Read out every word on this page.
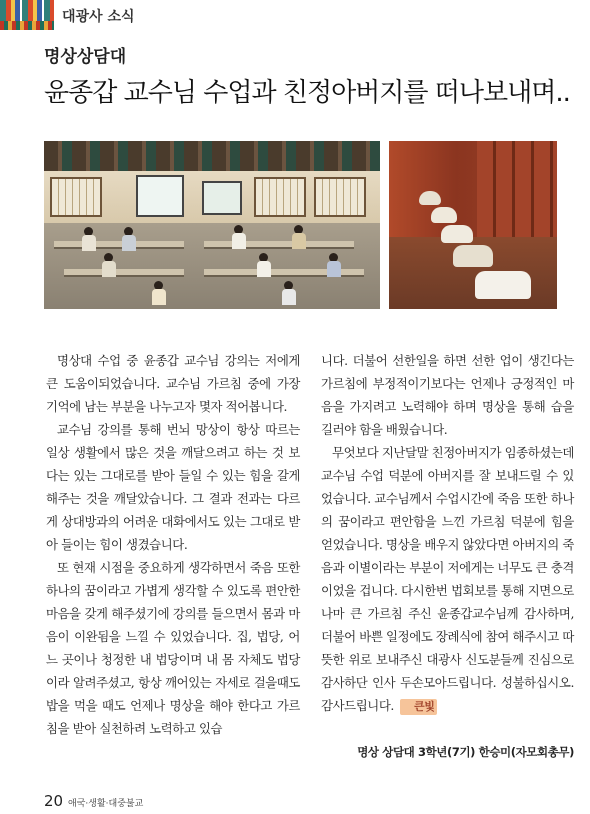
대광사 소식
명상상담대
윤종갑 교수님 수업과 친정아버지를 떠나보내며..

명상대 수업 중 윤종갑 교수님 강의는 저에게 큰 도움이되었습니다. 교수님 가르침 중에 가장 기억에 남는 부분을 나누고자 몇자 적어봅니다.

교수님 강의를 통해 번뇌 망상이 항상 따르는 일상 생활에서 많은 것을 깨달으려고 하는 것 보다는 있는 그대로를 받아 들일 수 있는 힘을 갈게 해주는 것을 깨달았습니다. 그 결과 전과는 다르게 상대방과의 어려운 대화에서도 있는 그대로 받아 들이는 힘이 생겼습니다.

또 현재 시점을 중요하게 생각하면서 죽음 또한 하나의 꿈이라고 가볍게 생각할 수 있도록 편안한 마음을 갖게 해주셨기에 강의를 들으면서 몸과 마음이 이완됨을 느낄 수 있었습니다. 집, 법당, 어느 곳이나 청정한 내 법당이며 내 몸 자체도 법당이라 알려주셨고, 항상 깨어있는 자세로 걸을때도 밥을 먹을 때도 언제나 명상을 해야 한다고 가르침을 받아 실천하려 노력하고 있습

니다. 더불어 선한일을 하면 선한 업이 생긴다는 가르침에 부정적이기보다는 언제나 긍정적인 마음을 가지려고 노력해야 하며 명상을 통해 습을 길러야 함을 배웠습니다.

무엇보다 지난달말 친정아버지가 임종하셨는데 교수님 수업 덕분에 아버지를 잘 보내드릴 수 있었습니다. 교수님께서 수업시간에 죽음 또한 하나의 꿈이라고 편안함을 느낀 가르침 덕분에 힘을 얻었습니다. 명상을 배우지 않았다면 아버지의 죽음과 이별이라는 부분이 저에게는 너무도 큰 충격이었을 겁니다. 다시한번 법회보를 통해 지면으로 나마 큰 가르침 주신 윤종갑교수님께 감사하며, 더불어 바쁜 일정에도 장례식에 참여 해주시고 따뜻한 위로 보내주신 대광사 신도분들께 진심으로 감사하단 인사 두손모아드립니다. 성불하십시오. 감사드립니다. 큰빛

명상 상담대 3학년(7기) 한승미(자모회총무)
20 애국·생활·대중불교
